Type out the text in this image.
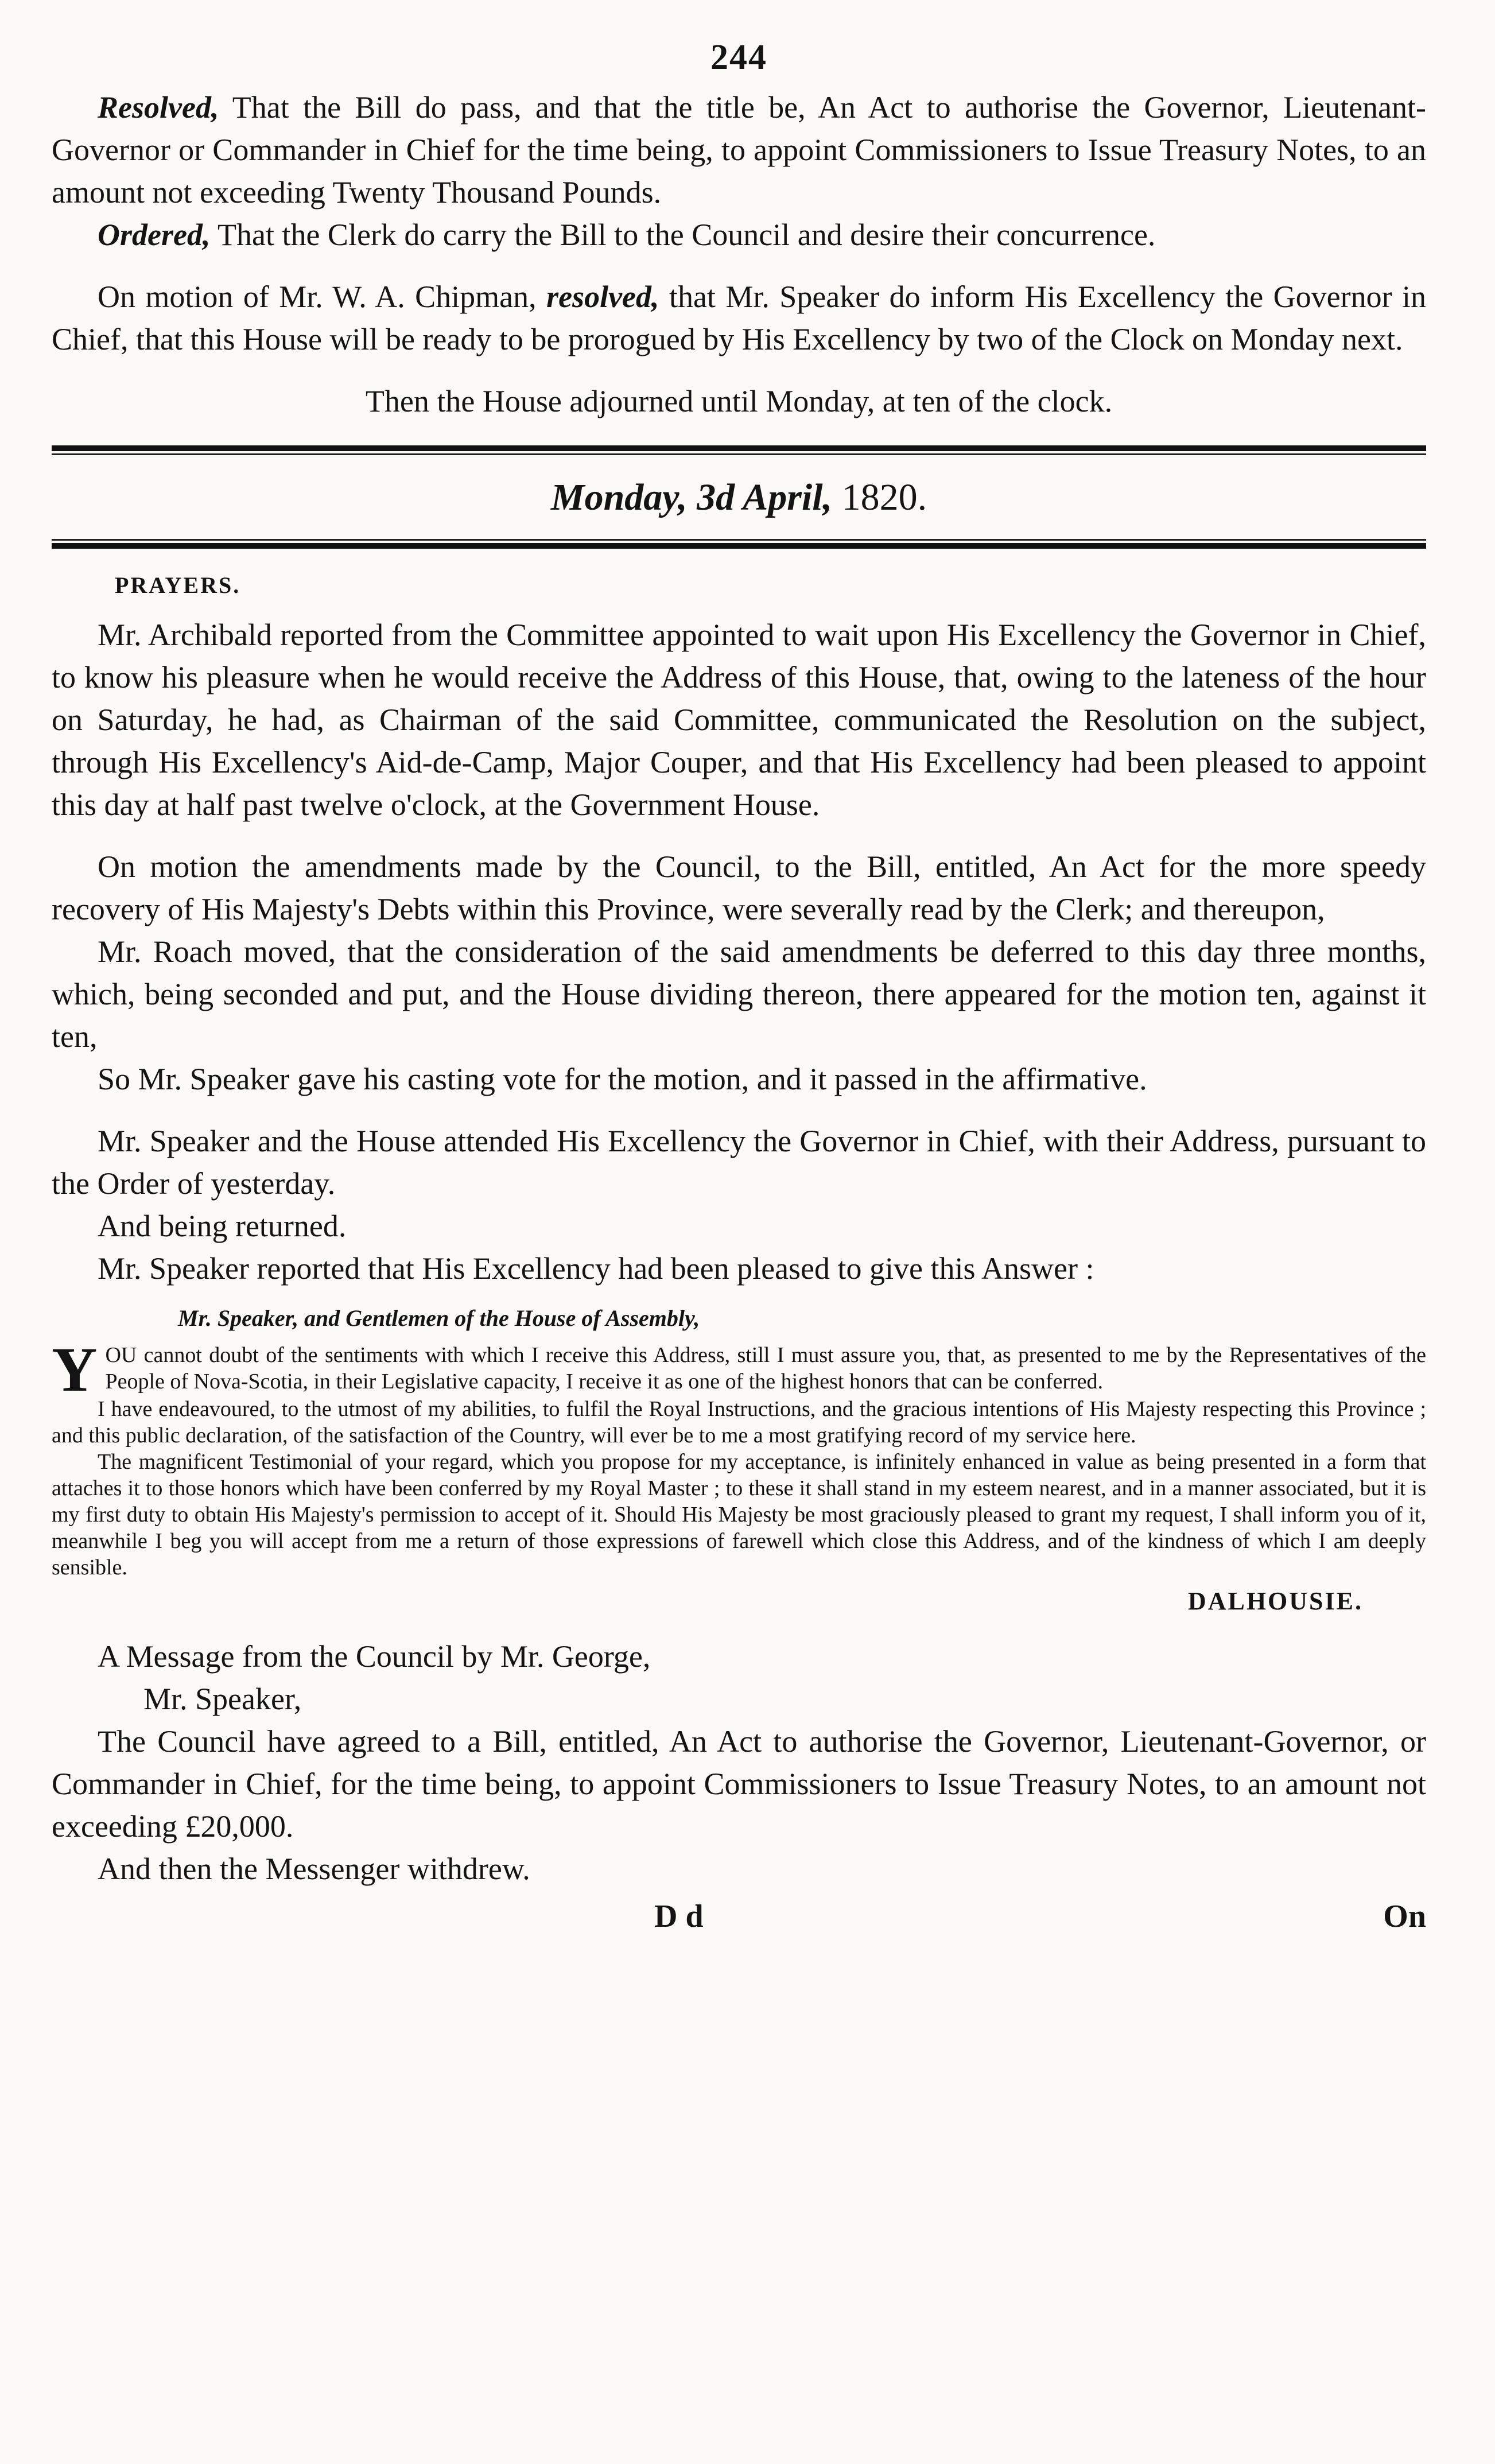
244

Resolved, That the Bill do pass, and that the title be, An Act to authorise the Governor, Lieutenant-Governor or Commander in Chief for the time being, to appoint Commissioners to Issue Treasury Notes, to an amount not exceeding Twenty Thousand Pounds.

Ordered, That the Clerk do carry the Bill to the Council and desire their concurrence.

On motion of Mr. W. A. Chipman, resolved, that Mr. Speaker do inform His Excellency the Governor in Chief, that this House will be ready to be prorogued by His Excellency by two of the Clock on Monday next.

Then the House adjourned until Monday, at ten of the clock.

Monday, 3d April, 1820.
PRAYERS.

Mr. Archibald reported from the Committee appointed to wait upon His Excellency the Governor in Chief, to know his pleasure when he would receive the Address of this House, that, owing to the lateness of the hour on Saturday, he had, as Chairman of the said Committee, communicated the Resolution on the subject, through His Excellency's Aid-de-Camp, Major Couper, and that His Excellency had been pleased to appoint this day at half past twelve o'clock, at the Government House.

On motion the amendments made by the Council, to the Bill, entitled, An Act for the more speedy recovery of His Majesty's Debts within this Province, were severally read by the Clerk; and thereupon,

Mr. Roach moved, that the consideration of the said amendments be deferred to this day three months, which, being seconded and put, and the House dividing thereon, there appeared for the motion ten, against it ten,

So Mr. Speaker gave his casting vote for the motion, and it passed in the affirmative.

Mr. Speaker and the House attended His Excellency the Governor in Chief, with their Address, pursuant to the Order of yesterday.

And being returned.

Mr. Speaker reported that His Excellency had been pleased to give this Answer :

Mr. Speaker, and Gentlemen of the House of Assembly,

YOU cannot doubt of the sentiments with which I receive this Address, still I must assure you, that, as presented to me by the Representatives of the People of Nova-Scotia, in their Legislative capacity, I receive it as one of the highest honors that can be conferred.

I have endeavoured, to the utmost of my abilities, to fulfil the Royal Instructions, and the gracious intentions of His Majesty respecting this Province ; and this public declaration, of the satisfaction of the Country, will ever be to me a most gratifying record of my service here.

The magnificent Testimonial of your regard, which you propose for my acceptance, is infinitely enhanced in value as being presented in a form that attaches it to those honors which have been conferred by my Royal Master ; to these it shall stand in my esteem nearest, and in a manner associated, but it is my first duty to obtain His Majesty's permission to accept of it. Should His Majesty be most graciously pleased to grant my request, I shall inform you of it, meanwhile I beg you will accept from me a return of those expressions of farewell which close this Address, and of the kindness of which I am deeply sensible.

DALHOUSIE.

A Message from the Council by Mr. George,

Mr. Speaker,

The Council have agreed to a Bill, entitled, An Act to authorise the Governor, Lieutenant-Governor, or Commander in Chief, for the time being, to appoint Commissioners to Issue Treasury Notes, to an amount not exceeding £20,000.

And then the Messenger withdrew.

D d	On
